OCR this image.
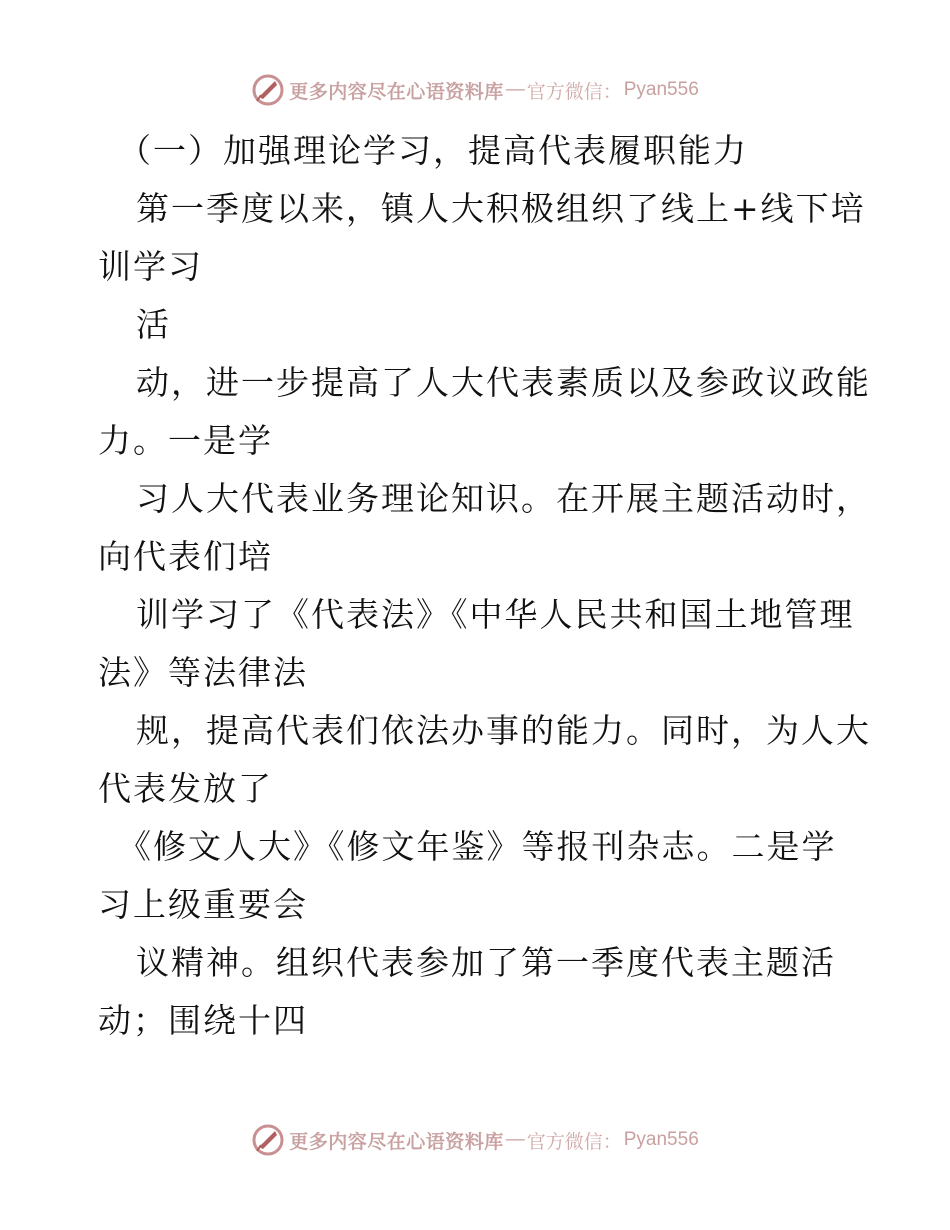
更多内容尽在心语资料库 — 官方微信： Pyan556
（一）加强理论学习，提高代表履职能力
第一季度以来，镇人大积极组织了线上+线下培
训学习
活
动，进一步提高了人大代表素质以及参政议政能
力。一是学
习人大代表业务理论知识。在开展主题活动时，
向代表们培
训学习了《代表法》《中华人民共和国土地管理
法》等法律法
规，提高代表们依法办事的能力。同时，为人大
代表发放了
《修文人大》《修文年鉴》等报刊杂志。二是学
习上级重要会
议精神。组织代表参加了第一季度代表主题活
动；围绕十四
更多内容尽在心语资料库 — 官方微信： Pyan556
